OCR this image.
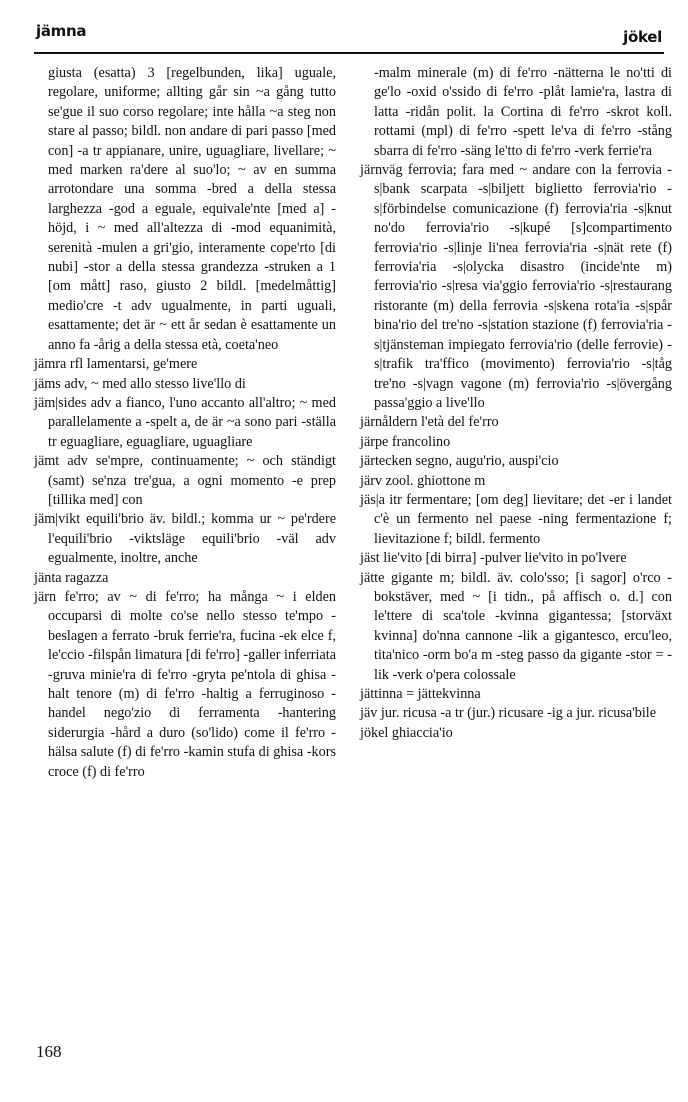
jämna	jökel

giusta (esatta) 3 [regelbunden, lika] uguale, regolare, uniforme; allting går sin ~a gång tutto se'gue il suo corso regolare; inte hålla ~a steg non stare al passo; bildl. non andare di pari passo [med con] -a tr appianare, unire, uguagliare, livellare; ~ med marken ra'dere al suo'lo; ~ av en summa arrotondare una somma -bred a della stessa larghezza -god a eguale, equivale'nte [med a] -höjd, i ~ med all'altezza di -mod equanimità, serenità -mulen a gri'gio, interamente cope'rto [di nubi] -stor a della stessa grandezza -struken a 1 [om mått] raso, giusto 2 bildl. [medelmåttig] medio'cre -t adv ugualmente, in parti uguali, esattamente; det är ~ ett år sedan è esattamente un anno fa -årig a della stessa età, coeta'neo

jämra rfl lamentarsi, ge'mere

jäms adv, ~ med allo stesso live'llo di

jäm|sides adv a fianco, l'uno accanto all'altro; ~ med parallelamente a -spelt a, de är ~a sono pari -ställa tr eguagliare, eguagliare, uguagliare

jämt adv se'mpre, continuamente; ~ och ständigt (samt) se'nza tre'gua, a ogni momento -e prep [tillika med] con

jäm|vikt equili'brio äv. bildl.; komma ur ~ pe'rdere l'equili'brio -viktsläge equili'brio -väl adv egualmente, inoltre, anche

jänta ragazza

järn fe'rro; av ~ di fe'rro; ha många ~ i elden occuparsi di molte co'se nello stesso te'mpo -beslagen a ferrato -bruk ferrie'ra, fucina -ek elce f, le'ccio -filspån limatura [di fe'rro] -galler inferriata -gruva minie'ra di fe'rro -gryta pe'ntola di ghisa -halt tenore (m) di fe'rro -haltig a ferruginoso -handel nego'zio di ferramenta -hantering siderurgia -hård a duro (so'lido) come il fe'rro -hälsa salute (f) di fe'rro -kamin stufa di ghisa -kors croce (f) di fe'rro

-malm minerale (m) di fe'rro -nätterna le no'tti di ge'lo -oxid o'ssido di fe'rro -plåt lamie'ra, lastra di latta -ridån polit. la Cortina di fe'rro -skrot koll. rottami (mpl) di fe'rro -spett le'va di fe'rro -stång sbarra di fe'rro -säng le'tto di fe'rro -verk ferrie'ra

järnväg ferrovia; fara med ~ andare con la ferrovia -s|bank scarpata -s|biljett biglietto ferrovia'rio -s|förbindelse comunicazione (f) ferrovia'ria -s|knut no'do ferrovia'rio -s|kupé [s]compartimento ferrovia'rio -s|linje li'nea ferrovia'ria -s|nät rete (f) ferrovia'ria -s|olycka disastro (incide'nte m) ferrovia'rio -s|resa via'ggio ferrovia'rio -s|restaurang ristorante (m) della ferrovia -s|skena rota'ia -s|spår bina'rio del tre'no -s|station stazione (f) ferrovia'ria -s|tjänsteman impiegato ferrovia'rio (delle ferrovie) -s|trafik tra'ffico (movimento) ferrovia'rio -s|tåg tre'no -s|vagn vagone (m) ferrovia'rio -s|övergång passa'ggio a live'llo

järnåldern l'età del fe'rro

järpe francolino

järtecken segno, augu'rio, auspi'cio

järv zool. ghiottone m

jäs|a itr fermentare; [om deg] lievitare; det -er i landet c'è un fermento nel paese -ning fermentazione f; lievitazione f; bildl. fermento

jäst lie'vito [di birra] -pulver lie'vito in po'lvere

jätte gigante m; bildl. äv. colo'sso; [i sagor] o'rco -bokstäver, med ~ [i tidn., på affisch o. d.] con le'ttere di sca'tole -kvinna gigantessa; [storväxt kvinna] do'nna cannone -lik a gigantesco, ercu'leo, tita'nico -orm bo'a m -steg passo da gigante -stor = -lik -verk o'pera colossale

jättinna = jättekvinna

jäv jur. ricusa -a tr (jur.) ricusare -ig a jur. ricusa'bile

jökel ghiaccia'io

168
